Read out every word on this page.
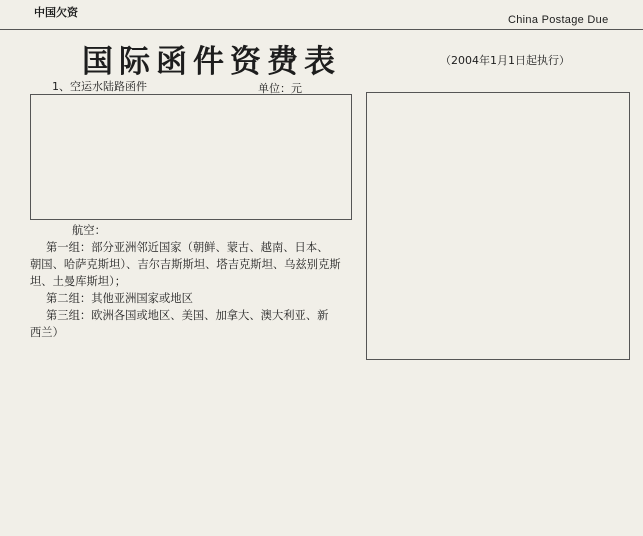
中国欠资
China Postage Due
国际函件资费表	（2004年1月1日起执行）
1、空运水陆路函件	单位：元
航空：
第一组：部分亚洲邻近国家（朝鲜、蒙古、越南、日本、
朝国、哈萨克斯坦）、吉尔吉斯斯坦、塔吉克斯坦、乌兹别克斯
坦、土曼库斯坦）；
第二组：其他亚洲国家或地区
第三组：欧洲各国或地区、美国、加拿大、澳大利亚、新
西兰）
